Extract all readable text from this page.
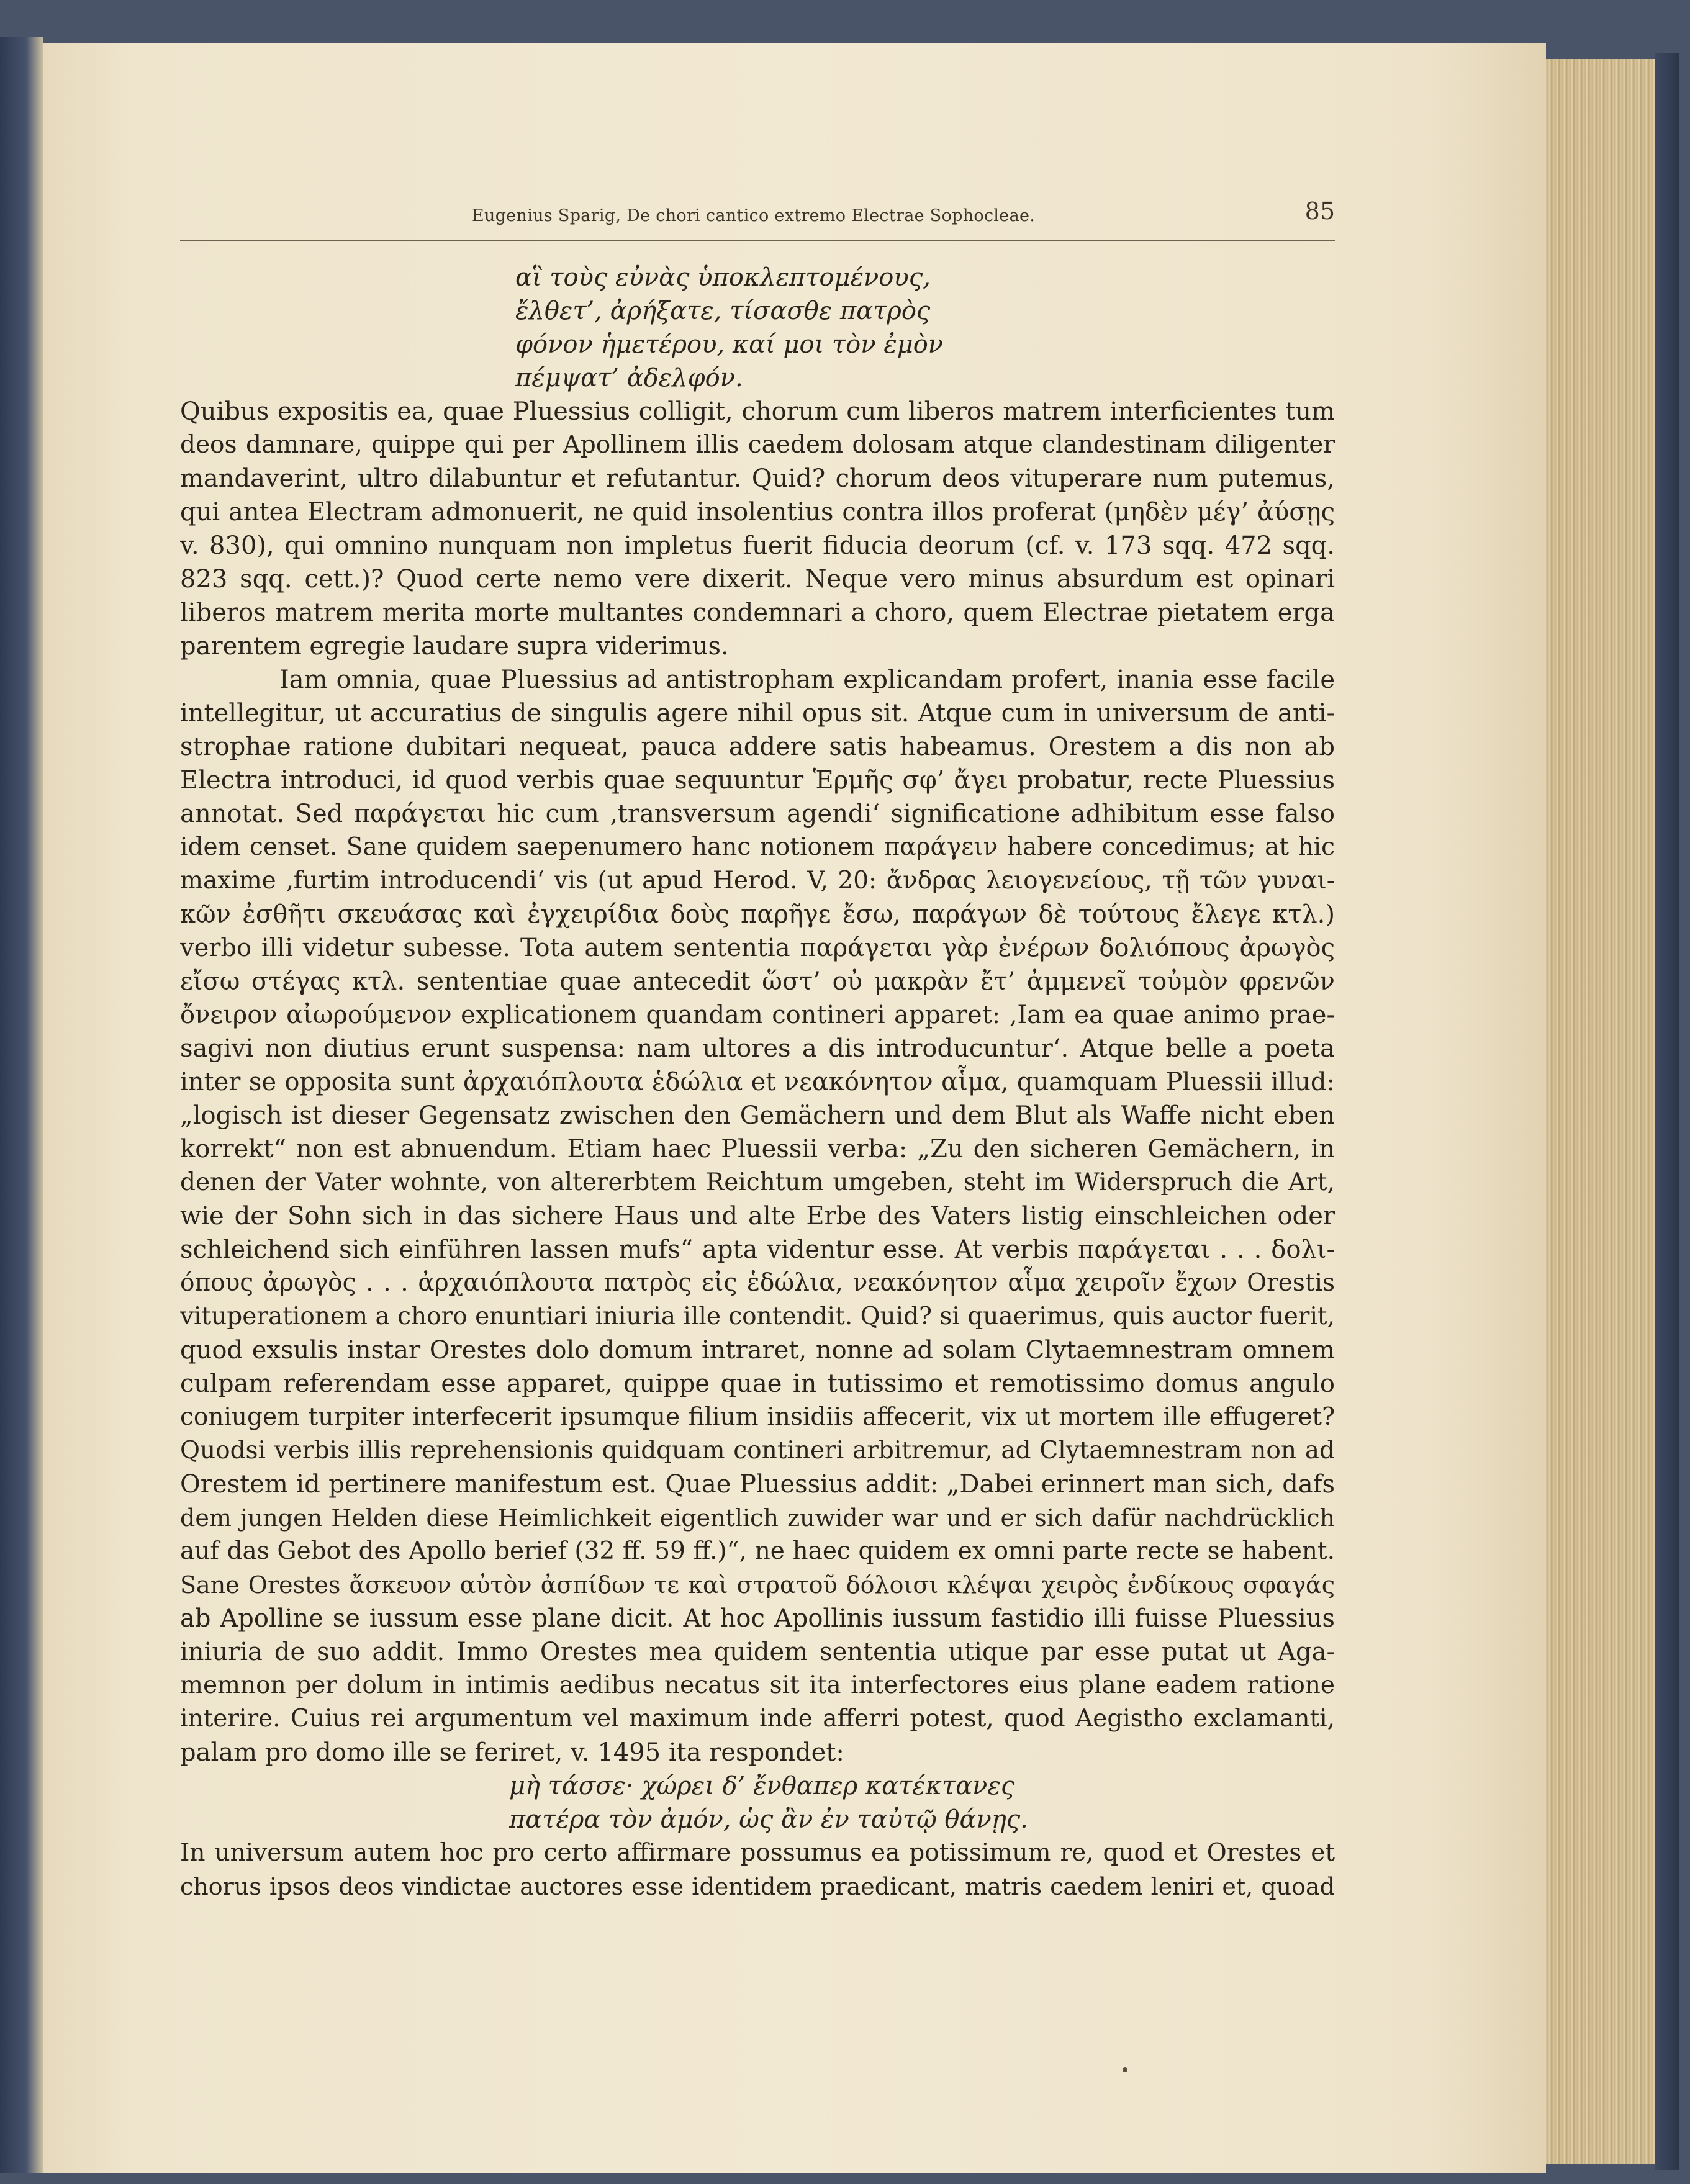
Eugenius Sparig, De chori cantico extremo Electrae Sophocleae.	85
αἳ τοὺς εὐνὰς ὑποκλεπτομένους,
ἔλθετ’, ἀρήξατε, τίσασθε πατρὸς
φόνον ἡμετέρου, καί μοι τὸν ἐμὸν
πέμψατ’ ἀδελφόν.
Quibus expositis ea, quae Pluessius colligit, chorum cum liberos matrem interficientes tum
deos damnare, quippe qui per Apollinem illis caedem dolosam atque clandestinam diligenter
mandaverint, ultro dilabuntur et refutantur. Quid? chorum deos vituperare num putemus,
qui antea Electram admonuerit, ne quid insolentius contra illos proferat (μηδὲν μέγ’ ἀύσῃς
v. 830), qui omnino nunquam non impletus fuerit fiducia deorum (cf. v. 173 sqq. 472 sqq.
823 sqq. cett.)? Quod certe nemo vere dixerit. Neque vero minus absurdum est opinari
liberos matrem merita morte multantes condemnari a choro, quem Electrae pietatem erga
parentem egregie laudare supra viderimus.
Iam omnia, quae Pluessius ad antistropham explicandam profert, inania esse facile
intellegitur, ut accuratius de singulis agere nihil opus sit. Atque cum in universum de anti-
strophae ratione dubitari nequeat, pauca addere satis habeamus. Orestem a dis non ab
Electra introduci, id quod verbis quae sequuntur Ἑρμῆς σφ’ ἄγει probatur, recte Pluessius
annotat. Sed παράγεται hic cum ‚transversum agendi‘ significatione adhibitum esse falso
idem censet. Sane quidem saepenumero hanc notionem παράγειν habere concedimus; at hic
maxime ‚furtim introducendi‘ vis (ut apud Herod. V, 20: ἄνδρας λειογενείους, τῇ τῶν γυναι-
κῶν ἐσθῆτι σκευάσας καὶ ἐγχειρίδια δοὺς παρῆγε ἔσω, παράγων δὲ τούτους ἔλεγε κτλ.)
verbo illi videtur subesse. Tota autem sententia παράγεται γὰρ ἐνέρων δολιόπους ἀρωγὸς
εἴσω στέγας κτλ. sententiae quae antecedit ὥστ’ οὐ μακρὰν ἔτ’ ἀμμενεῖ τοὐμὸν φρενῶν
ὄνειρον αἰωρούμενον explicationem quandam contineri apparet: ‚Iam ea quae animo prae-
sagivi non diutius erunt suspensa: nam ultores a dis introducuntur‘. Atque belle a poeta
inter se opposita sunt ἀρχαιόπλουτα ἑδώλια et νεακόνητον αἷμα, quamquam Pluessii illud:
„logisch ist dieser Gegensatz zwischen den Gemächern und dem Blut als Waffe nicht eben
korrekt“ non est abnuendum. Etiam haec Pluessii verba: „Zu den sicheren Gemächern, in
denen der Vater wohnte, von altererbtem Reichtum umgeben, steht im Widerspruch die Art,
wie der Sohn sich in das sichere Haus und alte Erbe des Vaters listig einschleichen oder
schleichend sich einführen lassen mufs“ apta videntur esse. At verbis παράγεται . . . δολι-
όπους ἀρωγὸς . . . ἀρχαιόπλουτα πατρὸς εἰς ἑδώλια, νεακόνητον αἷμα χειροῖν ἔχων Orestis
vituperationem a choro enuntiari iniuria ille contendit. Quid? si quaerimus, quis auctor fuerit,
quod exsulis instar Orestes dolo domum intraret, nonne ad solam Clytaemnestram omnem
culpam referendam esse apparet, quippe quae in tutissimo et remotissimo domus angulo
coniugem turpiter interfecerit ipsumque filium insidiis affecerit, vix ut mortem ille effugeret?
Quodsi verbis illis reprehensionis quidquam contineri arbitremur, ad Clytaemnestram non ad
Orestem id pertinere manifestum est. Quae Pluessius addit: „Dabei erinnert man sich, dafs
dem jungen Helden diese Heimlichkeit eigentlich zuwider war und er sich dafür nachdrücklich
auf das Gebot des Apollo berief (32 ff. 59 ff.)“, ne haec quidem ex omni parte recte se habent.
Sane Orestes ἄσκευον αὐτὸν ἀσπίδων τε καὶ στρατοῦ δόλοισι κλέψαι χειρὸς ἐνδίκους σφαγάς
ab Apolline se iussum esse plane dicit. At hoc Apollinis iussum fastidio illi fuisse Pluessius
iniuria de suo addit. Immo Orestes mea quidem sententia utique par esse putat ut Aga-
memnon per dolum in intimis aedibus necatus sit ita interfectores eius plane eadem ratione
interire. Cuius rei argumentum vel maximum inde afferri potest, quod Aegistho exclamanti,
palam pro domo ille se feriret, v. 1495 ita respondet:
μὴ τάσσε· χώρει δ’ ἔνθαπερ κατέκτανες
πατέρα τὸν ἀμόν, ὡς ἂν ἐν ταὐτῷ θάνῃς.
In universum autem hoc pro certo affirmare possumus ea potissimum re, quod et Orestes et
chorus ipsos deos vindictae auctores esse identidem praedicant, matris caedem leniri et, quoad
